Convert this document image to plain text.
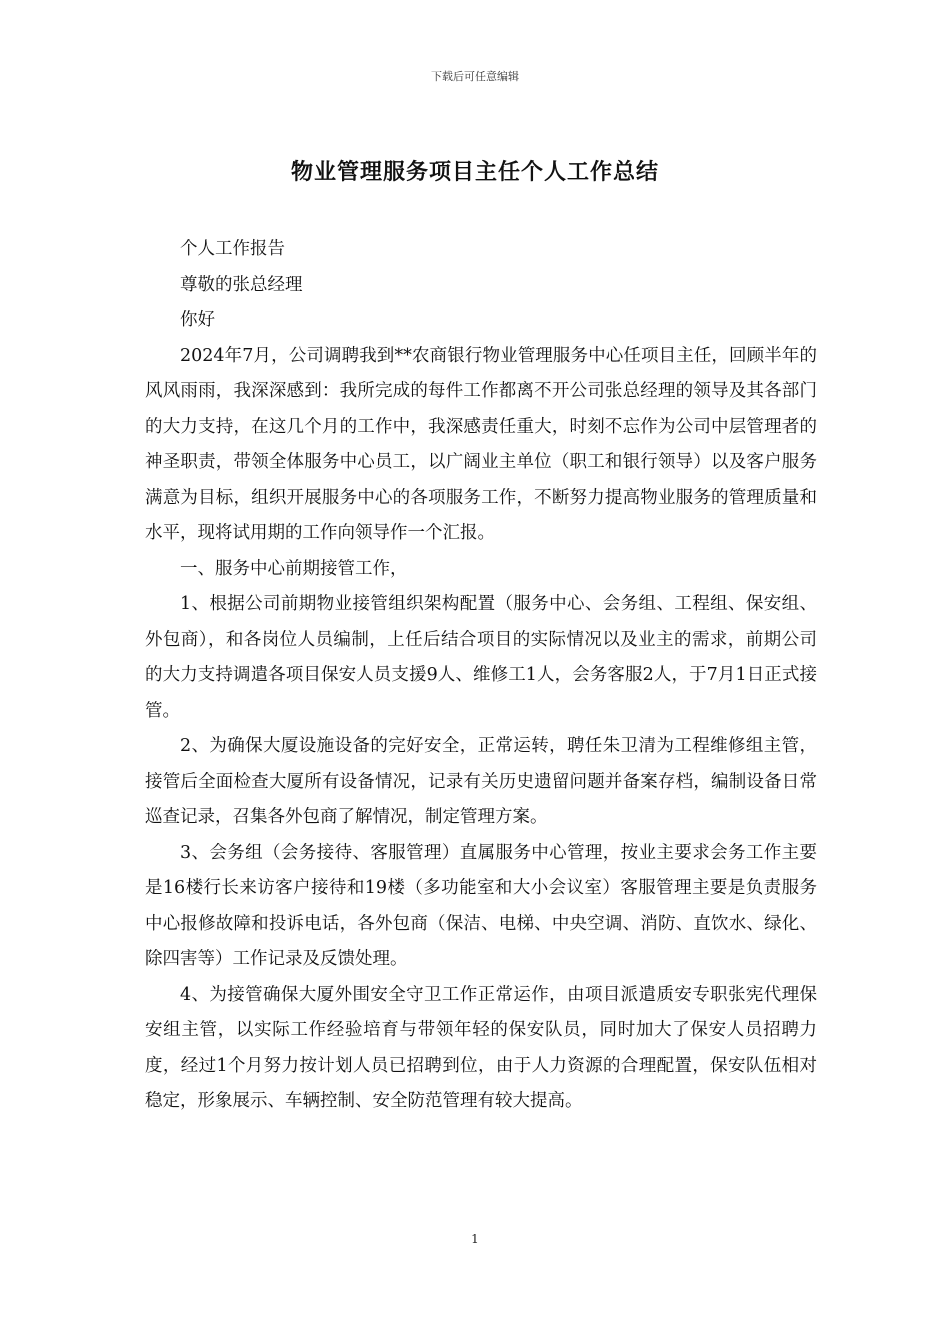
下载后可任意编辑
物业管理服务项目主任个人工作总结

个人工作报告

尊敬的张总经理

你好

2024年7月，公司调聘我到**农商银行物业管理服务中心任项目主任，回顾半年的风风雨雨，我深深感到：我所完成的每件工作都离不开公司张总经理的领导及其各部门的大力支持，在这几个月的工作中，我深感责任重大，时刻不忘作为公司中层管理者的神圣职责，带领全体服务中心员工，以广阔业主单位（职工和银行领导）以及客户服务满意为目标，组织开展服务中心的各项服务工作，不断努力提高物业服务的管理质量和水平，现将试用期的工作向领导作一个汇报。

一、服务中心前期接管工作，

1、根据公司前期物业接管组织架构配置（服务中心、会务组、工程组、保安组、外包商），和各岗位人员编制，上任后结合项目的实际情况以及业主的需求，前期公司的大力支持调遣各项目保安人员支援9人、维修工1人，会务客服2人，于7月1日正式接管。

2、为确保大厦设施设备的完好安全，正常运转，聘任朱卫清为工程维修组主管，接管后全面检查大厦所有设备情况，记录有关历史遗留问题并备案存档，编制设备日常巡查记录，召集各外包商了解情况，制定管理方案。

3、会务组（会务接待、客服管理）直属服务中心管理，按业主要求会务工作主要是16楼行长来访客户接待和19楼（多功能室和大小会议室）客服管理主要是负责服务中心报修故障和投诉电话，各外包商（保洁、电梯、中央空调、消防、直饮水、绿化、除四害等）工作记录及反馈处理。

4、为接管确保大厦外围安全守卫工作正常运作，由项目派遣质安专职张宪代理保安组主管，以实际工作经验培育与带领年轻的保安队员，同时加大了保安人员招聘力度，经过1个月努力按计划人员已招聘到位，由于人力资源的合理配置，保安队伍相对稳定，形象展示、车辆控制、安全防范管理有较大提高。

1
